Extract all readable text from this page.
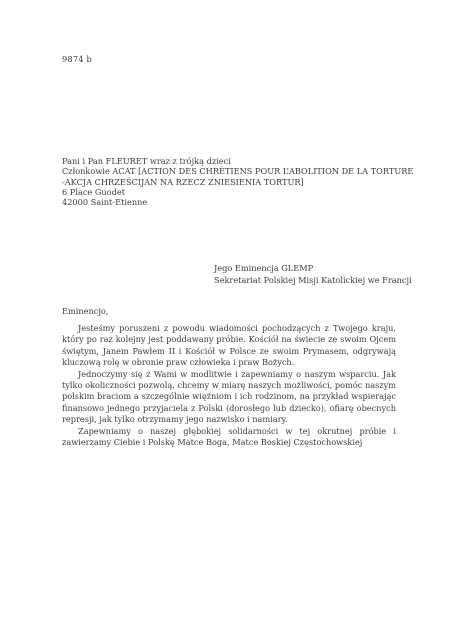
9874 b
Pani i Pan FLEURET wraz z trójką dzieci
Członkowie ACAT [ACTION DES CHRÉTIENS POUR L’ABOLITION DE LA TORTURE
-AKCJA CHRZEŚCIJAN NA RZECZ ZNIESIENIA TORTUR]
6 Place Guodet
42000 Saint-Etienne
Jego Eminencja GLEMP
Sekretariat Polskiej Misji Katolickiej we Francji
Eminencjo,

Jesteśmy poruszeni z powodu wiadomości pochodzących z Twojego kraju, który po raz kolejny jest poddawany próbie. Kościół na świecie ze swoim Ojcem świętym, Janem Pawłem II i Kościół w Polsce ze swoim Prymasem, odgrywają kluczową rolę w obronie praw człowieka i praw Bożych.

Jednoczymy się z Wami w modlitwie i zapewniamy o naszym wsparciu. Jak tylko okoliczności pozwolą, chcemy w miarę naszych możliwości, pomóc naszym polskim braciom a szczególnie więźniom i ich rodzinom, na przykład wspierając finansowo jednego przyjaciela z Polski (dorosłego lub dziecko), ofiarę obecnych represji, jak tylko otrzymamy jego nazwisko i namiary.

Zapewniamy o naszej głębokiej solidarności w tej okrutnej próbie i zawierzamy Ciebie i Polskę Matce Boga, Matce Boskiej Częstochowskiej
